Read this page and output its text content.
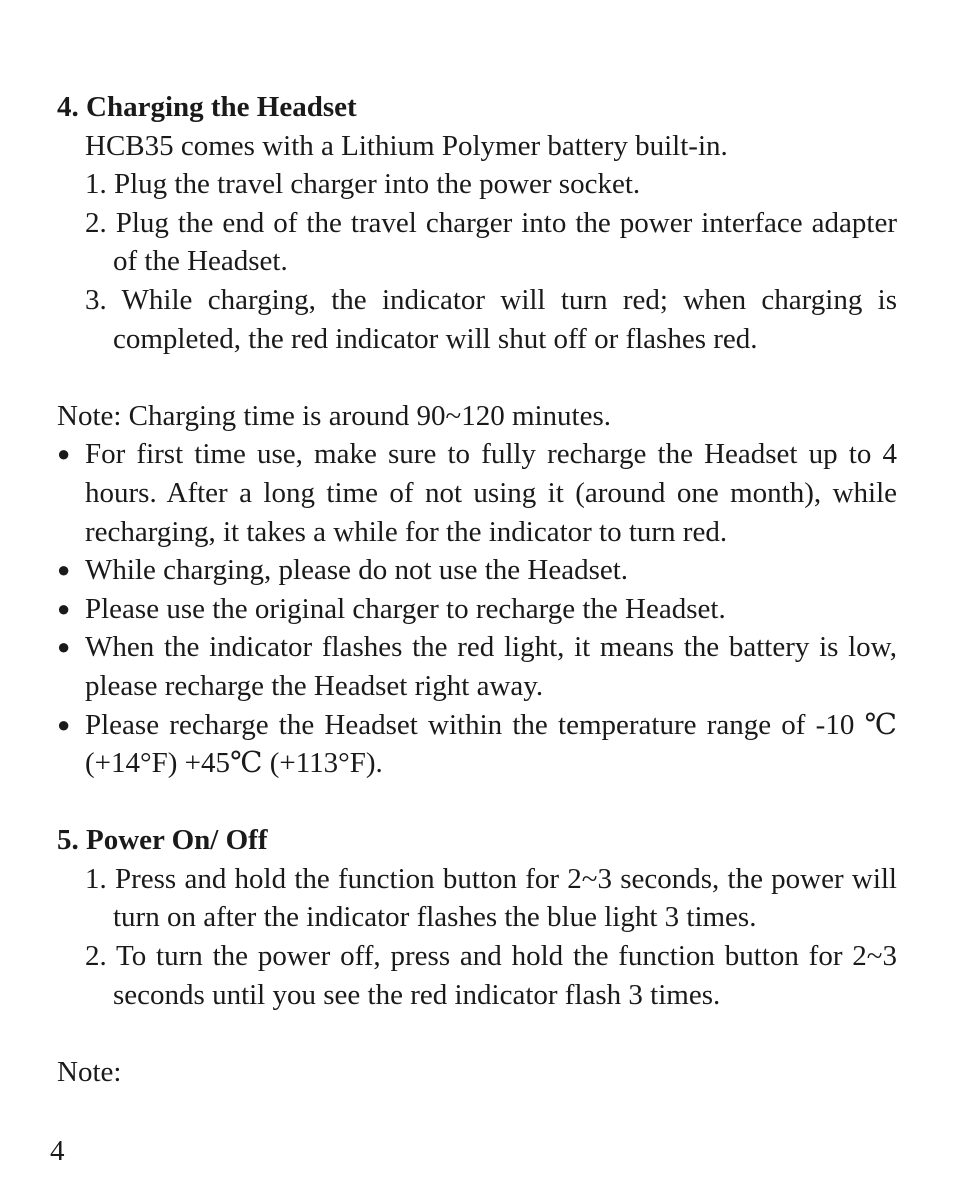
4. Charging the Headset

HCB35 comes with a Lithium Polymer battery built-in.

1. Plug the travel charger into the power socket.

2. Plug the end of the travel charger into the power interface adapter of the Headset.

3. While charging, the indicator will turn red; when charging is completed, the red indicator will shut off or flashes red.

Note: Charging time is around 90~120 minutes.

● For first time use, make sure to fully recharge the Headset up to 4 hours. After a long time of not using it (around one month), while recharging, it takes a while for the indicator to turn red.

● While charging, please do not use the Headset.

● Please use the original charger to recharge the Headset.

● When the indicator flashes the red light, it means the battery is low, please recharge the Headset right away.

● Please recharge the Headset within the temperature range of -10 ℃ (+14°F) +45℃ (+113°F).

5. Power On/ Off

1. Press and hold the function button for 2~3 seconds, the power will turn on after the indicator flashes the blue light 3 times.

2. To turn the power off, press and hold the function button for 2~3 seconds until you see the red indicator flash 3 times.

Note:

4
